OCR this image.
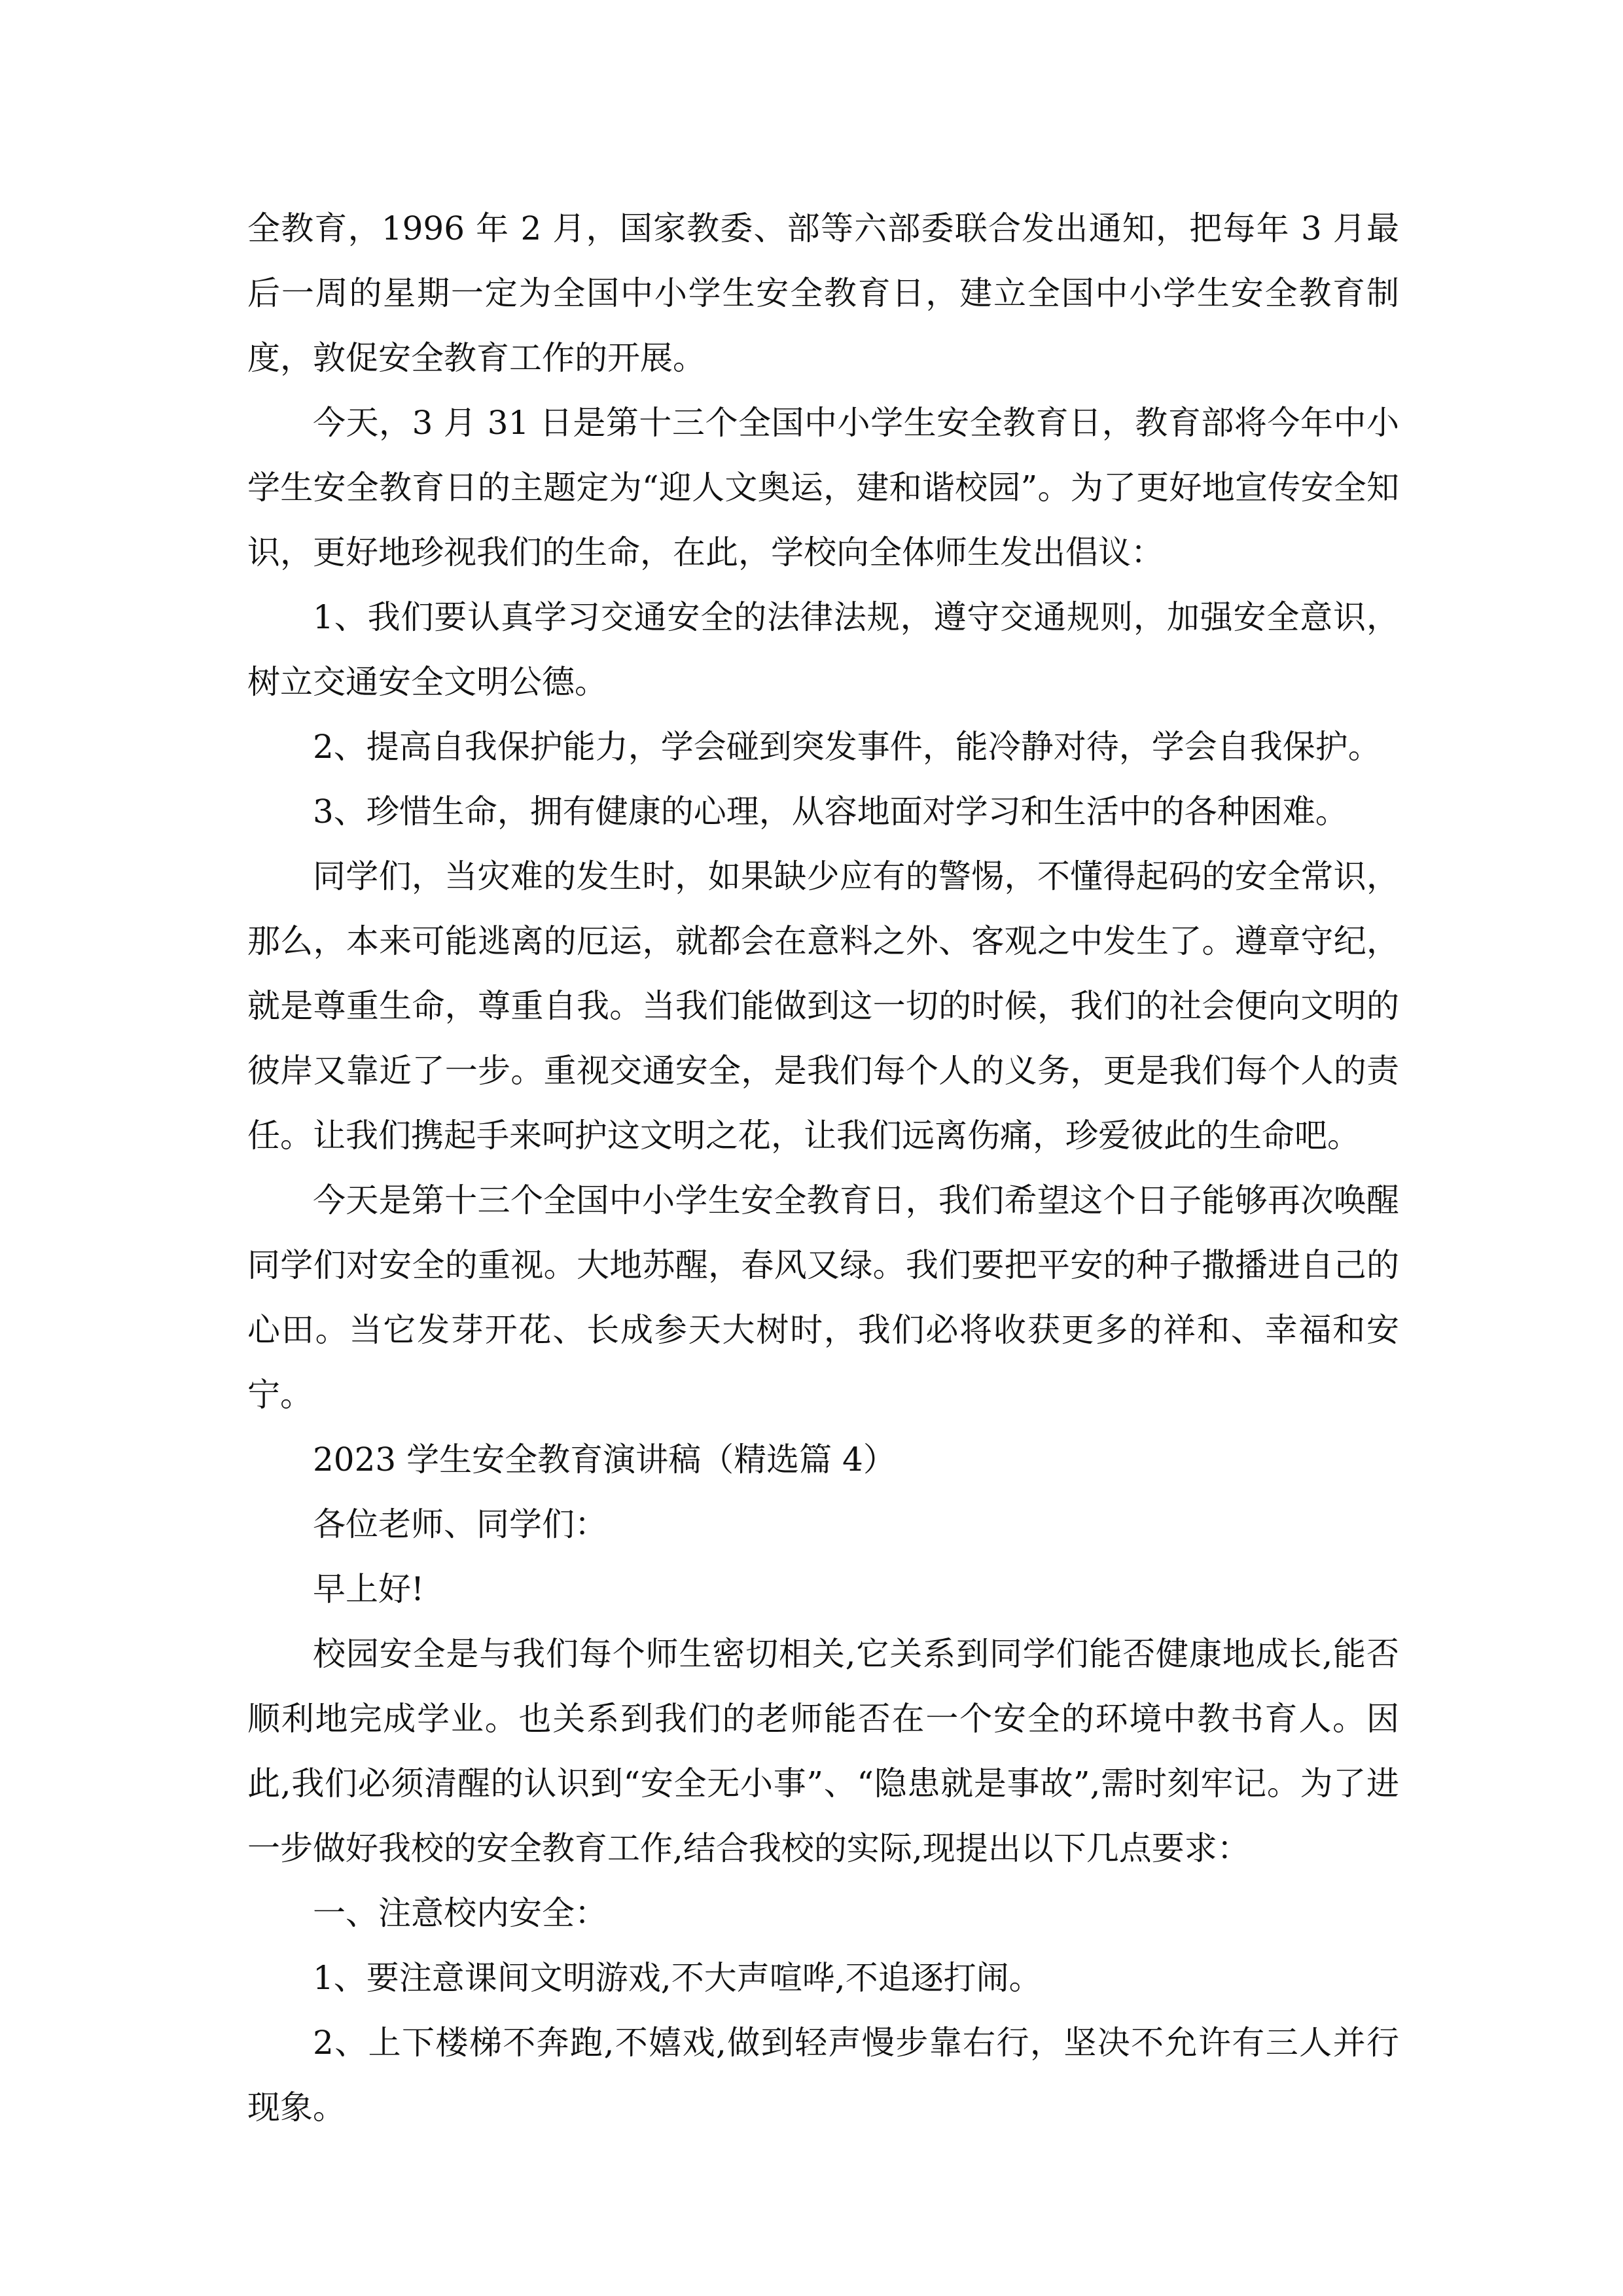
全教育，1996 年 2 月，国家教委、部等六部委联合发出通知，把每年 3 月最后一周的星期一定为全国中小学生安全教育日，建立全国中小学生安全教育制度，敦促安全教育工作的开展。

今天，3 月 31 日是第十三个全国中小学生安全教育日，教育部将今年中小学生安全教育日的主题定为“迎人文奥运，建和谐校园”。为了更好地宣传安全知识，更好地珍视我们的生命，在此，学校向全体师生发出倡议：

1、我们要认真学习交通安全的法律法规，遵守交通规则，加强安全意识，树立交通安全文明公德。

2、提高自我保护能力，学会碰到突发事件，能冷静对待，学会自我保护。

3、珍惜生命，拥有健康的心理，从容地面对学习和生活中的各种困难。

同学们，当灾难的发生时，如果缺少应有的警惕，不懂得起码的安全常识，那么，本来可能逃离的厄运，就都会在意料之外、客观之中发生了。遵章守纪，就是尊重生命，尊重自我。当我们能做到这一切的时候，我们的社会便向文明的彼岸又靠近了一步。重视交通安全，是我们每个人的义务，更是我们每个人的责任。让我们携起手来呵护这文明之花，让我们远离伤痛，珍爱彼此的生命吧。

今天是第十三个全国中小学生安全教育日，我们希望这个日子能够再次唤醒同学们对安全的重视。大地苏醒，春风又绿。我们要把平安的种子撒播进自己的心田。当它发芽开花、长成参天大树时，我们必将收获更多的祥和、幸福和安宁。

2023 学生安全教育演讲稿（精选篇 4）

各位老师、同学们：

早上好!

校园安全是与我们每个师生密切相关,它关系到同学们能否健康地成长,能否顺利地完成学业。也关系到我们的老师能否在一个安全的环境中教书育人。因此,我们必须清醒的认识到“安全无小事”、“隐患就是事故”,需时刻牢记。为了进一步做好我校的安全教育工作,结合我校的实际,现提出以下几点要求：

一、注意校内安全：

1、要注意课间文明游戏,不大声喧哗,不追逐打闹。

2、上下楼梯不奔跑,不嬉戏,做到轻声慢步靠右行，坚决不允许有三人并行现象。
